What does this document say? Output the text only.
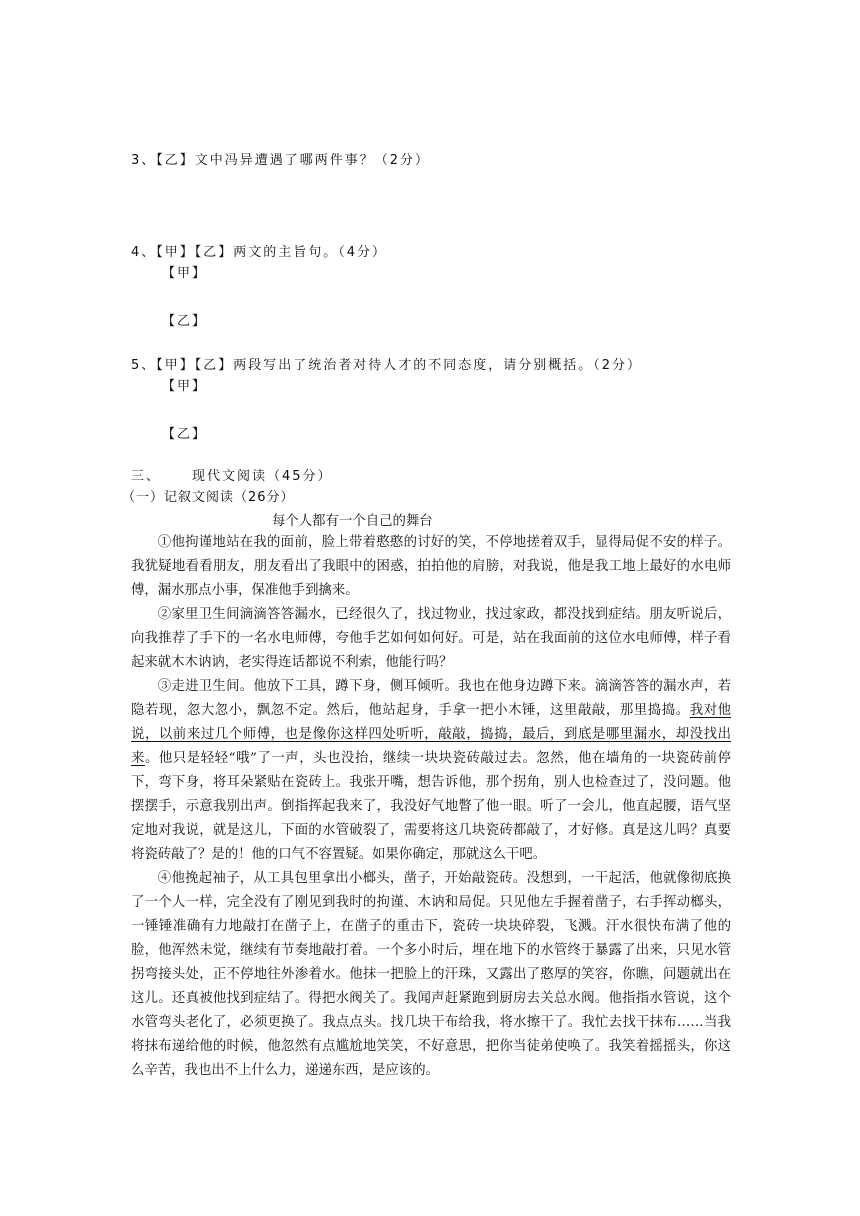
3、【乙】文中冯异遭遇了哪两件事？（2分）
4、【甲】【乙】两文的主旨句。（4分）
【甲】
【乙】
5、【甲】【乙】两段写出了统治者对待人才的不同态度，请分别概括。（2分）
【甲】
【乙】
三、 现代文阅读（45分）
（一）记叙文阅读（26分）
每个人都有一个自己的舞台

①他拘谨地站在我的面前，脸上带着憨憨的讨好的笑，不停地搓着双手，显得局促不安的样子。我犹疑地看看朋友，朋友看出了我眼中的困惑，拍拍他的肩膀，对我说，他是我工地上最好的水电师傅，漏水那点小事，保准他手到擒来。

②家里卫生间滴滴答答漏水，已经很久了，找过物业，找过家政，都没找到症结。朋友听说后，向我推荐了手下的一名水电师傅，夸他手艺如何如何好。可是，站在我面前的这位水电师傅，样子看起来就木木讷讷，老实得连话都说不利索，他能行吗？

③走进卫生间。他放下工具，蹲下身，侧耳倾听。我也在他身边蹲下来。滴滴答答的漏水声，若隐若现，忽大忽小，飘忽不定。然后，他站起身，手拿一把小木锤，这里敲敲，那里捣捣。我对他说，以前来过几个师傅，也是像你这样四处听听，敲敲，捣捣，最后，到底是哪里漏水，却没找出来。他只是轻轻“哦”了一声，头也没抬，继续一块块瓷砖敲过去。忽然，他在墙角的一块瓷砖前停下，弯下身，将耳朵紧贴在瓷砖上。我张开嘴，想告诉他，那个拐角，别人也检查过了，没问题。他摆摆手，示意我别出声。倒指挥起我来了，我没好气地瞥了他一眼。听了一会儿，他直起腰，语气坚定地对我说，就是这儿，下面的水管破裂了，需要将这几块瓷砖都敲了，才好修。真是这儿吗？真要将瓷砖敲了？是的！他的口气不容置疑。如果你确定，那就这么干吧。

④他挽起袖子，从工具包里拿出小榔头，凿子，开始敲瓷砖。没想到，一干起活，他就像彻底换了一个人一样，完全没有了刚见到我时的拘谨、木讷和局促。只见他左手握着凿子，右手挥动榔头，一锤锤准确有力地敲打在凿子上，在凿子的重击下，瓷砖一块块碎裂，飞溅。汗水很快布满了他的脸，他浑然未觉，继续有节奏地敲打着。一个多小时后，埋在地下的水管终于暴露了出来，只见水管拐弯接头处，正不停地往外渗着水。他抹一把脸上的汗珠，又露出了憨厚的笑容，你瞧，问题就出在这儿。还真被他找到症结了。得把水阀关了。我闻声赶紧跑到厨房去关总水阀。他指指水管说，这个水管弯头老化了，必须更换了。我点点头。找几块干布给我，将水擦干了。我忙去找干抹布……当我将抹布递给他的时候，他忽然有点尴尬地笑笑，不好意思，把你当徒弟使唤了。我笑着摇摇头，你这么辛苦，我也出不上什么力，递递东西，是应该的。
